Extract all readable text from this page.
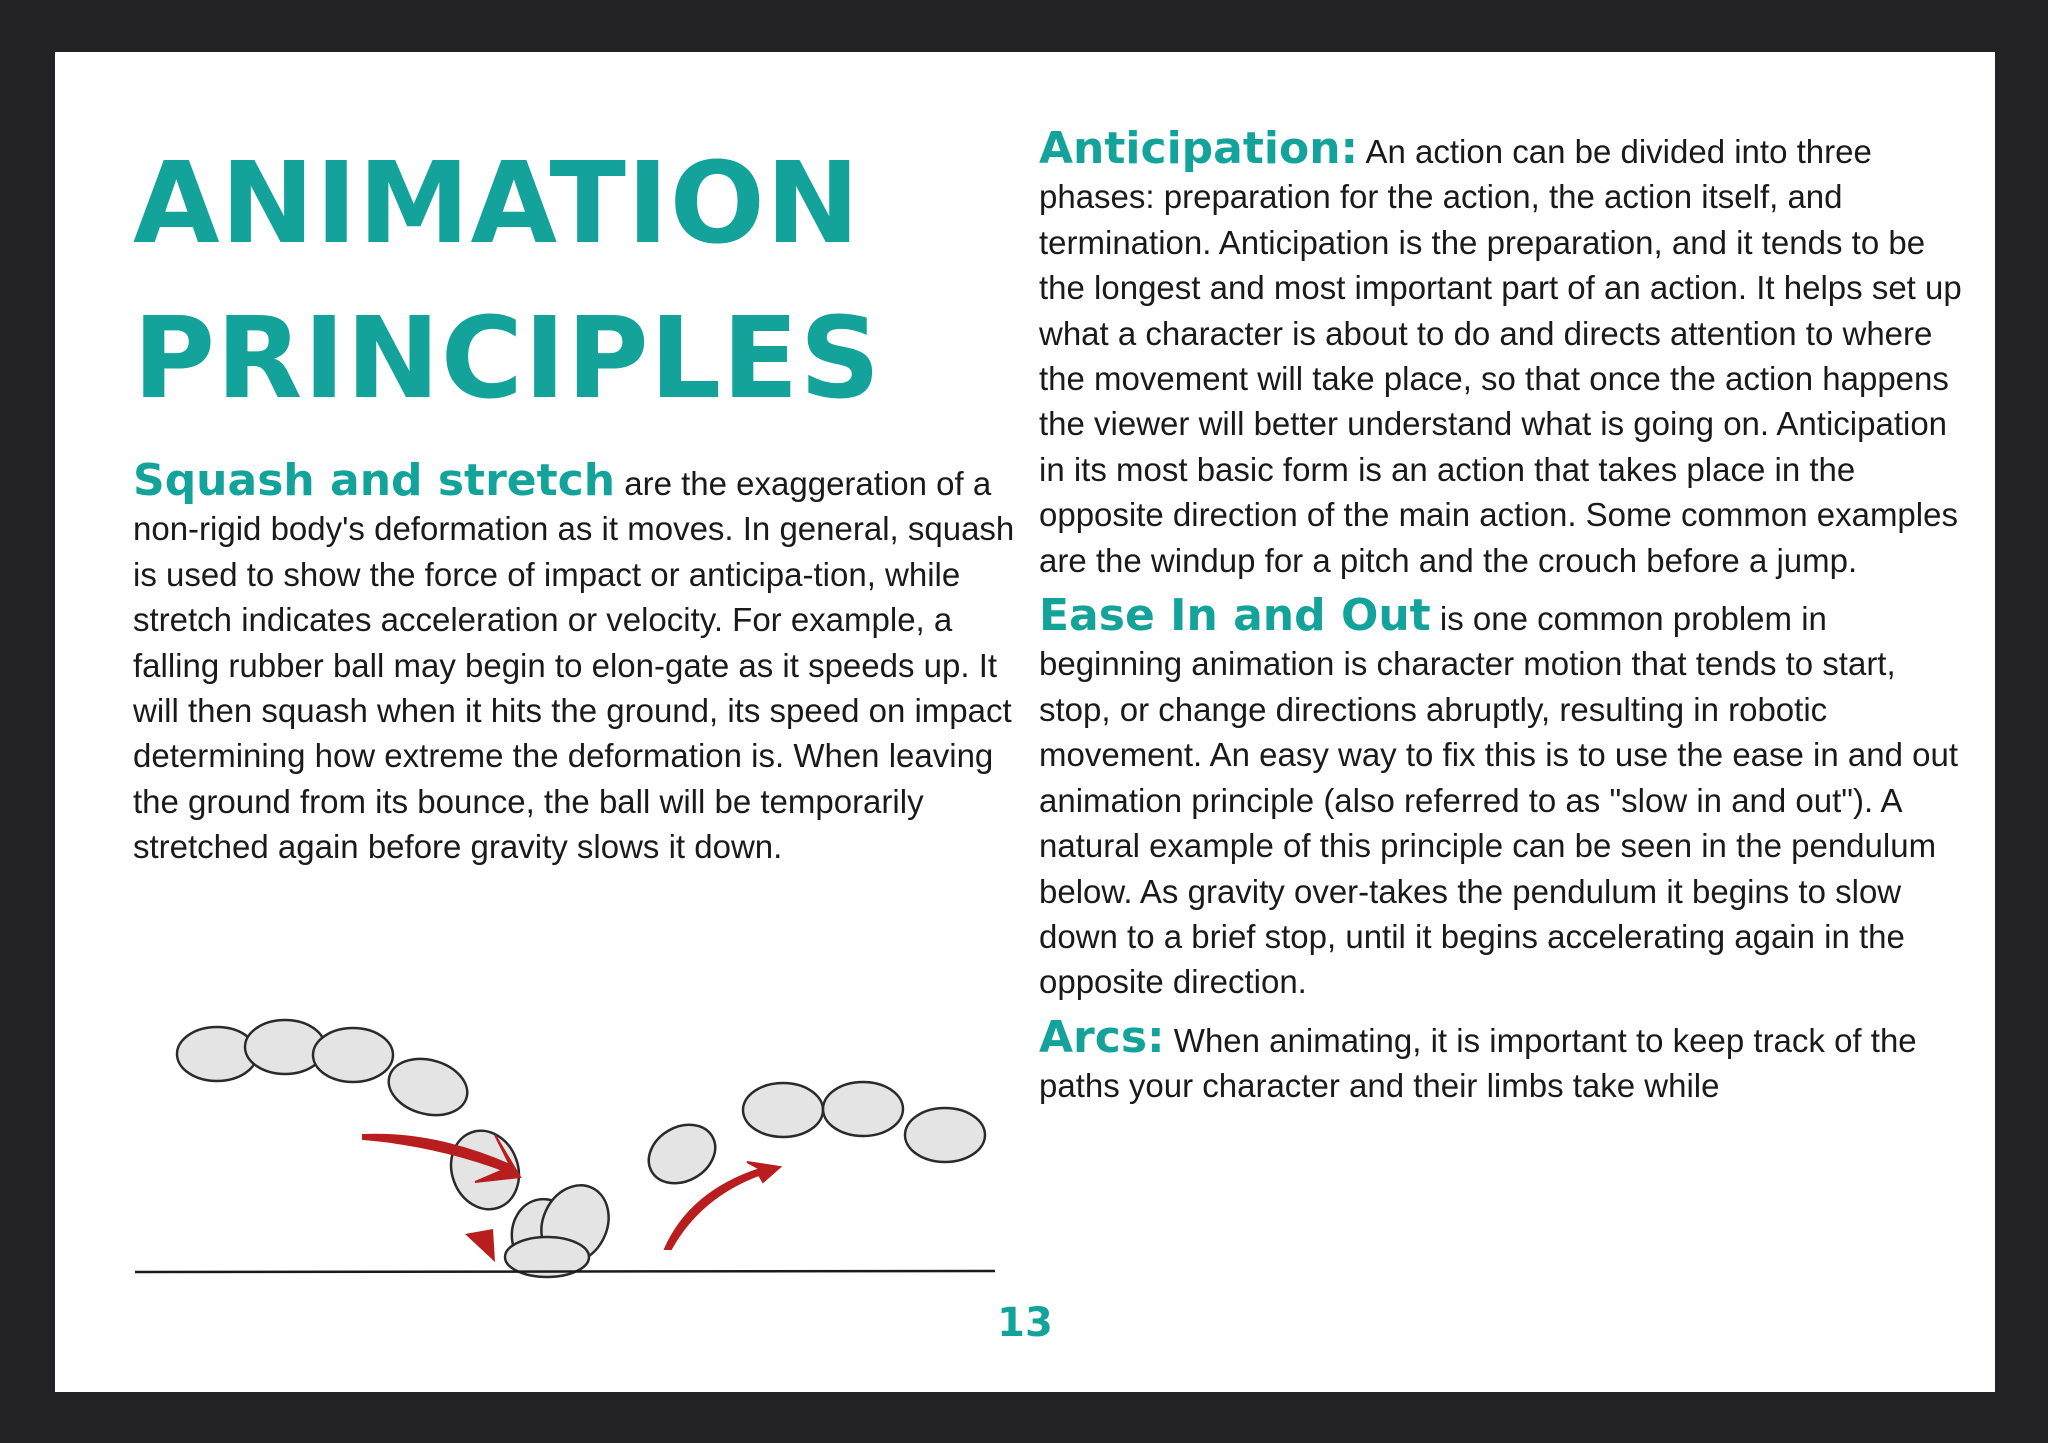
ANIMATION
PRINCIPLES

Squash and stretch are the exaggeration of a non-rigid body's deformation as it moves. In general, squash is used to show the force of impact or anticipa-tion, while stretch indicates acceleration or velocity. For example, a falling rubber ball may begin to elon-gate as it speeds up. It will then squash when it hits the ground, its speed on impact determining how extreme the deformation is. When leaving the ground from its bounce, the ball will be temporarily stretched again before gravity slows it down.

Anticipation: An action can be divided into three phases: preparation for the action, the action itself, and termination. Anticipation is the preparation, and it tends to be the longest and most important part of an action. It helps set up what a character is about to do and directs attention to where the movement will take place, so that once the action happens the viewer will better understand what is going on. Anticipation in its most basic form is an action that takes place in the opposite direction of the main action. Some common examples are the windup for a pitch and the crouch before a jump.

Ease In and Out is one common problem in beginning animation is character motion that tends to start, stop, or change directions abruptly, resulting in robotic movement. An easy way to fix this is to use the ease in and out animation principle (also referred to as "slow in and out"). A natural example of this principle can be seen in the pendulum below. As gravity over-takes the pendulum it begins to slow down to a brief stop, until it begins accelerating again in the opposite direction.

Arcs: When animating, it is important to keep track of the paths your character and their limbs take while

13
